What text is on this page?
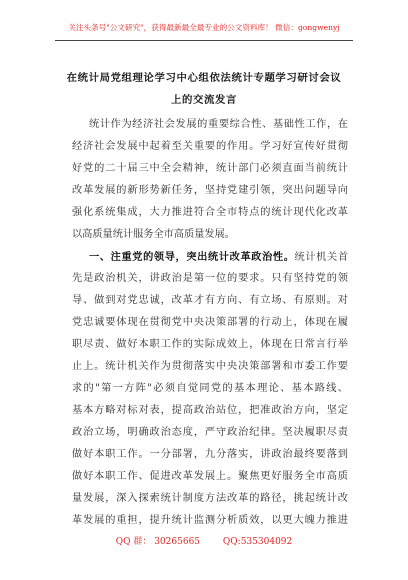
关注头条号"公文研究"，获得最新最全最专业的公文资料库！ 微信：gongwenyj
在统计局党组理论学习中心组依法统计专题学习研讨会议
上的交流发言
统计作为经济社会发展的重要综合性、基础性工作，在
经济社会发展中起着至关重要的作用。学习好宣传好贯彻
好党的二十届三中全会精神，统计部门必须直面当前统计
改革发展的新形势新任务，坚持党建引领，突出问题导向
强化系统集成，大力推进符合全市特点的统计现代化改革
以高质量统计服务全市高质量发展。
一、注重党的领导，突出统计改革政治性。统计机关首
先是政治机关，讲政治是第一位的要求。只有坚持党的领
导、做到对党忠诚，改革才有方向、有立场、有原则。对
党忠诚要体现在贯彻党中央决策部署的行动上，体现在履
职尽责、做好本职工作的实际成效上，体现在日常言行举
止上。统计机关作为贯彻落实中央决策部署和市委工作要
求的"第一方阵"必须自觉同党的基本理论、基本路线、
基本方略对标对表，提高政治站位，把准政治方向，坚定
政治立场，明确政治态度，严守政治纪律。坚决履职尽责
做好本职工作。一分部署，九分落实，讲政治最终要落到
做好本职工作、促进改革发展上。聚焦更好服务全市高质
量发展，深入探索统计制度方法改革的路径，挑起统计改
革发展的重担，提升统计监测分析质效，以更大魄力推进
QQ 群： 30265665	QQ:535304092
